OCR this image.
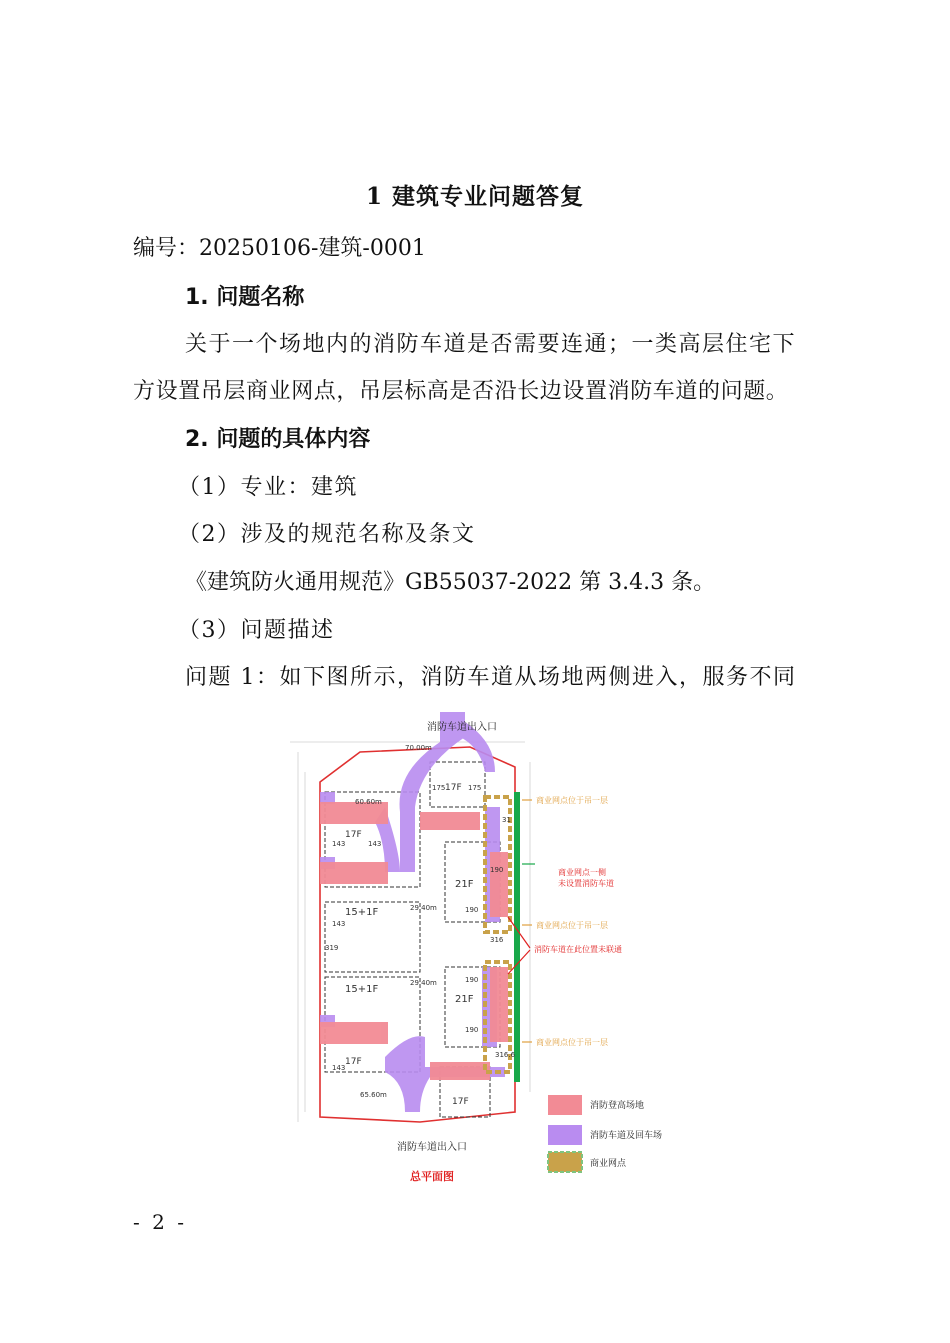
1 建筑专业问题答复
编号：20250106-建筑-0001
1. 问题名称
关于一个场地内的消防车道是否需要连通；一类高层住宅下
方设置吊层商业网点，吊层标高是否沿长边设置消防车道的问题。
2. 问题的具体内容
（1）专业：建筑
（2）涉及的规范名称及条文
《建筑防火通用规范》GB55037-2022 第 3.4.3 条。
（3）问题描述
问题 1：如下图所示，消防车道从场地两侧进入，服务不同
消防车道出入口
17F
17F
21F
15+1F
15+1F
21F
17F
17F
70.00m
65.60m
29.40m
29.40m
60.60m
175	175
143	143
143
143
190
190
190
190
319
316
316.6
31
商业网点位于吊一层
商业网点一侧
未设置消防车道
商业网点位于吊一层
消防车道在此位置未联通
商业网点位于吊一层
消防车道出入口
总平面图
消防登高场地
消防车道及回车场
商业网点
- 2 -
